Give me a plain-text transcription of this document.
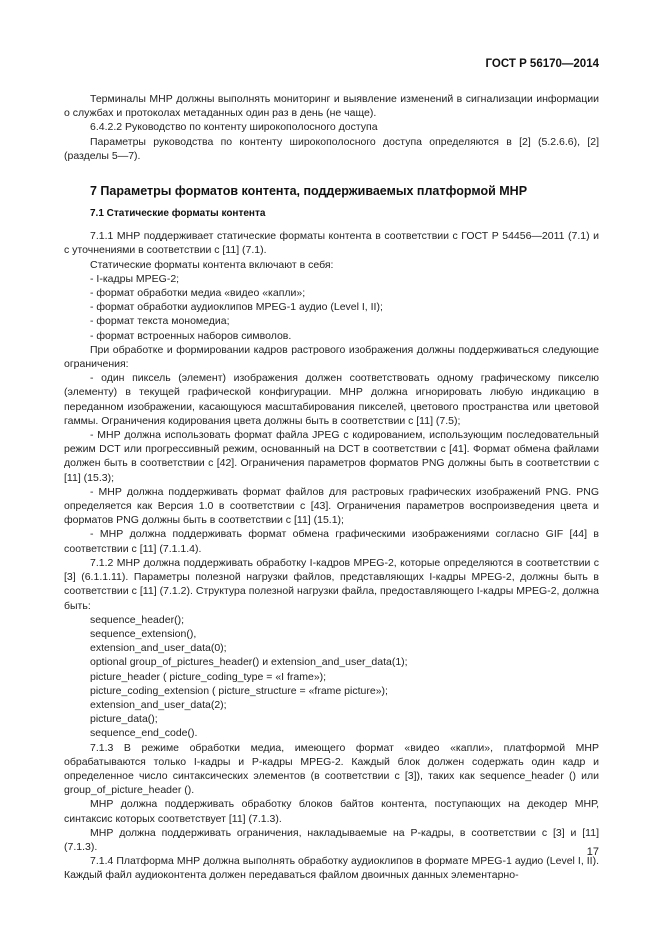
ГОСТ Р 56170—2014

Терминалы МНР должны выполнять мониторинг и выявление изменений в сигнализации информации о службах и протоколах метаданных один раз в день (не чаще).

6.4.2.2 Руководство по контенту широкополосного доступа

Параметры руководства по контенту широкополосного доступа определяются в [2] (5.2.6.6), [2] (разделы 5—7).

7 Параметры форматов контента, поддерживаемых платформой МНР
7.1 Статические форматы контента

7.1.1 МНР поддерживает статические форматы контента в соответствии с ГОСТ Р 54456—2011 (7.1) и с уточнениями в соответствии с [11] (7.1).

Статические форматы контента включают в себя:

- I-кадры MPEG-2;

- формат обработки медиа «видео «капли»;

- формат обработки аудиоклипов MPEG-1 аудио (Level I, II);

- формат текста мономедиа;

- формат встроенных наборов символов.

При обработке и формировании кадров растрового изображения должны поддерживаться следующие ограничения:

- один пиксель (элемент) изображения должен соответствовать одному графическому пикселю (элементу) в текущей графической конфигурации. МНР должна игнорировать любую индикацию в переданном изображении, касающуюся масштабирования пикселей, цветового пространства или цветовой гаммы. Ограничения кодирования цвета должны быть в соответствии с [11] (7.5);

- МНР должна использовать формат файла JPEG с кодированием, использующим последовательный режим DCT или прогрессивный режим, основанный на DCT в соответствии с [41]. Формат обмена файлами должен быть в соответствии с [42]. Ограничения параметров форматов PNG должны быть в соответствии с [11] (15.3);

- МНР должна поддерживать формат файлов для растровых графических изображений PNG. PNG определяется как Версия 1.0 в соответствии с [43]. Ограничения параметров воспроизведения цвета и форматов PNG должны быть в соответствии с [11] (15.1);

- МНР должна поддерживать формат обмена графическими изображениями согласно GIF [44] в соответствии с [11] (7.1.1.4).

7.1.2 МНР должна поддерживать обработку I-кадров MPEG-2, которые определяются в соответствии с [3] (6.1.1.11). Параметры полезной нагрузки файлов, представляющих I-кадры MPEG-2, должны быть в соответствии с [11] (7.1.2). Структура полезной нагрузки файла, предоставляющего I-кадры MPEG-2, должна быть:

sequence_header();
sequence_extension(),
extension_and_user_data(0);
optional group_of_pictures_header() и extension_and_user_data(1);
picture_header ( picture_coding_type = «I frame»);
picture_coding_extension ( picture_structure = «frame picture»);
extension_and_user_data(2);
picture_data();
sequence_end_code().

7.1.3 В режиме обработки медиа, имеющего формат «видео «капли», платформой МНР обрабатываются только I-кадры и P-кадры MPEG-2. Каждый блок должен содержать один кадр и определенное число синтаксических элементов (в соответствии с [3]), таких как sequence_header () или group_of_picture_header ().

МНР должна поддерживать обработку блоков байтов контента, поступающих на декодер МНР, синтаксис которых соответствует [11] (7.1.3).

МНР должна поддерживать ограничения, накладываемые на P-кадры, в соответствии с [3] и [11] (7.1.3).

7.1.4 Платформа МНР должна выполнять обработку аудиоклипов в формате MPEG-1 аудио (Level I, II). Каждый файл аудиоконтента должен передаваться файлом двоичных данных элементарно-

17
